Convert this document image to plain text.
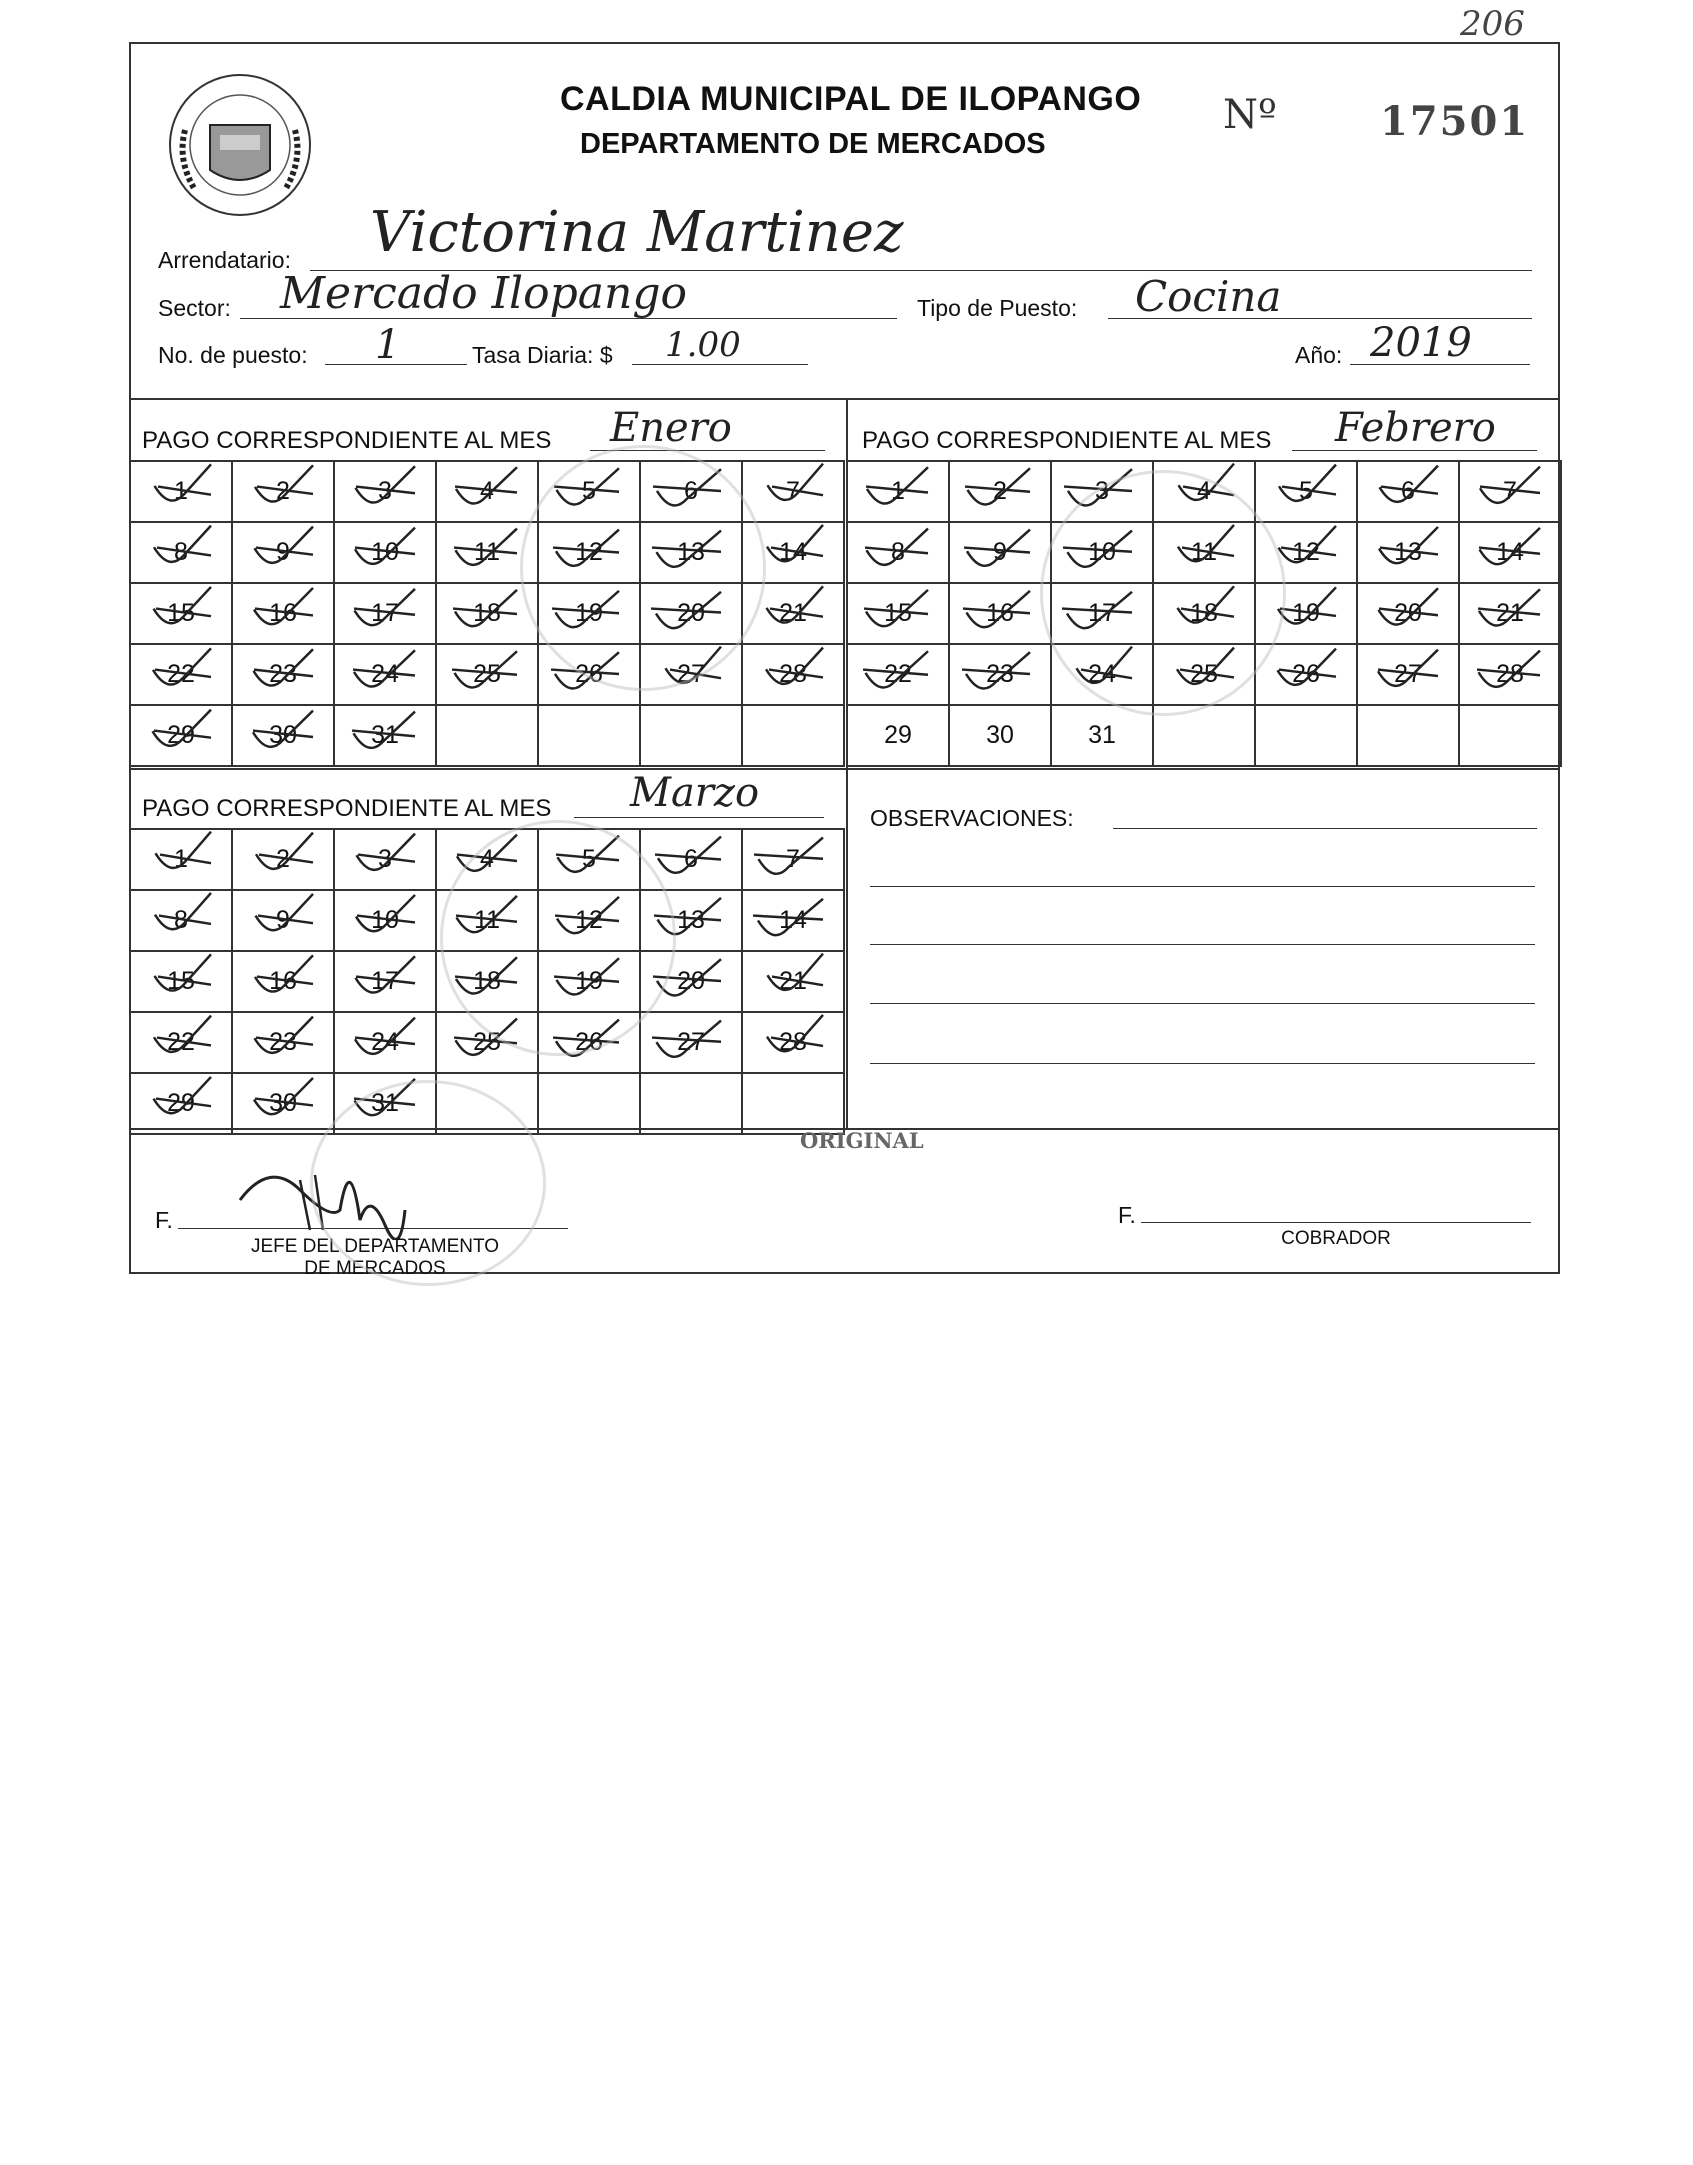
206
CALDIA MUNICIPAL DE ILOPANGO
DEPARTAMENTO DE MERCADOS
Nº	17501
Arrendatario: Victorina Martinez
Sector: Mercado Ilopango	Tipo de Puesto: Cocina
No. de puesto: 1	Tasa Diaria: $ 1.00	Año: 2019
PAGO CORRESPONDIENTE AL MES Enero	PAGO CORRESPONDIENTE AL MES Febrero
PAGO CORRESPONDIENTE AL MES Marzo
1	2	3	4	5	6	7

8	9	10	11	12	13	14

15	16	17	18	19	20	21

22	23	24	25	26	27	28

29	30	31

1	2	3	4	5	6	7

8	9	10	11	12	13	14

15	16	17	18	19	20	21

22	23	24	25	26	27	28

29	30	31				
1	2	3	4	5	6	7

8	9	10	11	12	13	14

15	16	17	18	19	20	21

22	23	24	25	26	27	28

29	30	31

OBSERVACIONES:
ORIGINAL
F.
JEFE DEL DEPARTAMENTO
DE MERCADOS
F.
COBRADOR
